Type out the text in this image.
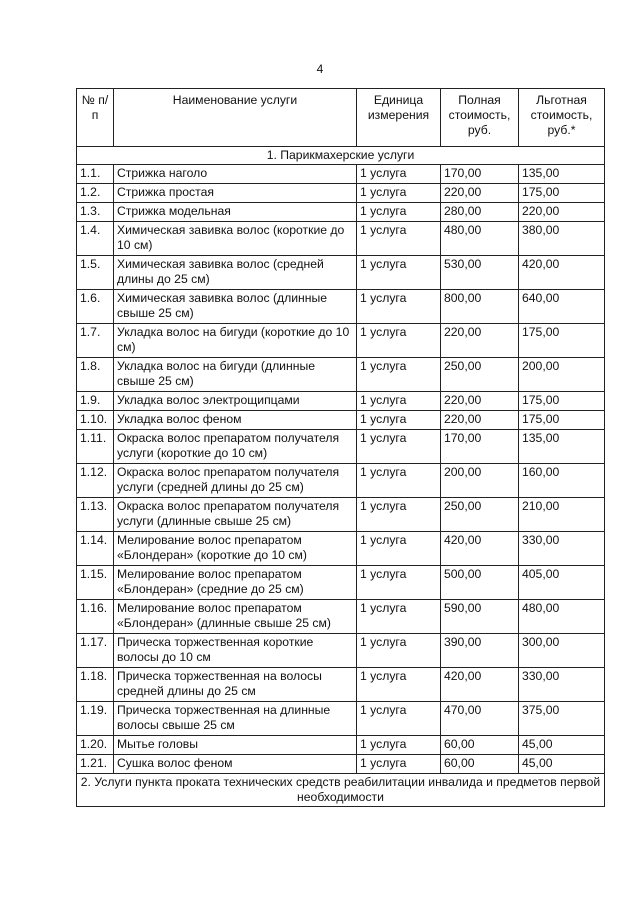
4
№ п/п	Наименование услуги	Единица измерения	Полная стоимость, руб.	Льготная стоимость, руб.*
1. Парикмахерские услуги				
1.1.	Стрижка наголо	1 услуга	170,00	135,00
1.2.	Стрижка простая	1 услуга	220,00	175,00
1.3.	Стрижка модельная	1 услуга	280,00	220,00
1.4.	Химическая завивка волос (короткие до 10 см)	1 услуга	480,00	380,00
1.5.	Химическая завивка волос (средней длины до 25 см)	1 услуга	530,00	420,00
1.6.	Химическая завивка волос (длинные свыше 25 см)	1 услуга	800,00	640,00
1.7.	Укладка волос на бигуди (короткие до 10 см)	1 услуга	220,00	175,00
1.8.	Укладка волос на бигуди (длинные свыше 25 см)	1 услуга	250,00	200,00
1.9.	Укладка волос электрощипцами	1 услуга	220,00	175,00
1.10.	Укладка волос феном	1 услуга	220,00	175,00
1.11.	Окраска волос препаратом получателя услуги (короткие до 10 см)	1 услуга	170,00	135,00
1.12.	Окраска волос препаратом получателя услуги (средней длины до 25 см)	1 услуга	200,00	160,00
1.13.	Окраска волос препаратом получателя услуги (длинные свыше 25 см)	1 услуга	250,00	210,00
1.14.	Мелирование волос препаратом «Блондеран» (короткие до 10 см)	1 услуга	420,00	330,00
1.15.	Мелирование волос препаратом «Блондеран» (средние до 25 см)	1 услуга	500,00	405,00
1.16.	Мелирование волос препаратом «Блондеран» (длинные свыше 25 см)	1 услуга	590,00	480,00
1.17.	Прическа торжественная короткие волосы до 10 см	1 услуга	390,00	300,00
1.18.	Прическа торжественная на волосы средней длины до 25 см	1 услуга	420,00	330,00
1.19.	Прическа торжественная на длинные волосы свыше 25 см	1 услуга	470,00	375,00
1.20.	Мытье головы	1 услуга	60,00	45,00
1.21.	Сушка волос феном	1 услуга	60,00	45,00
2. Услуги пункта проката технических средств реабилитации инвалида и предметов первой необходимости				
